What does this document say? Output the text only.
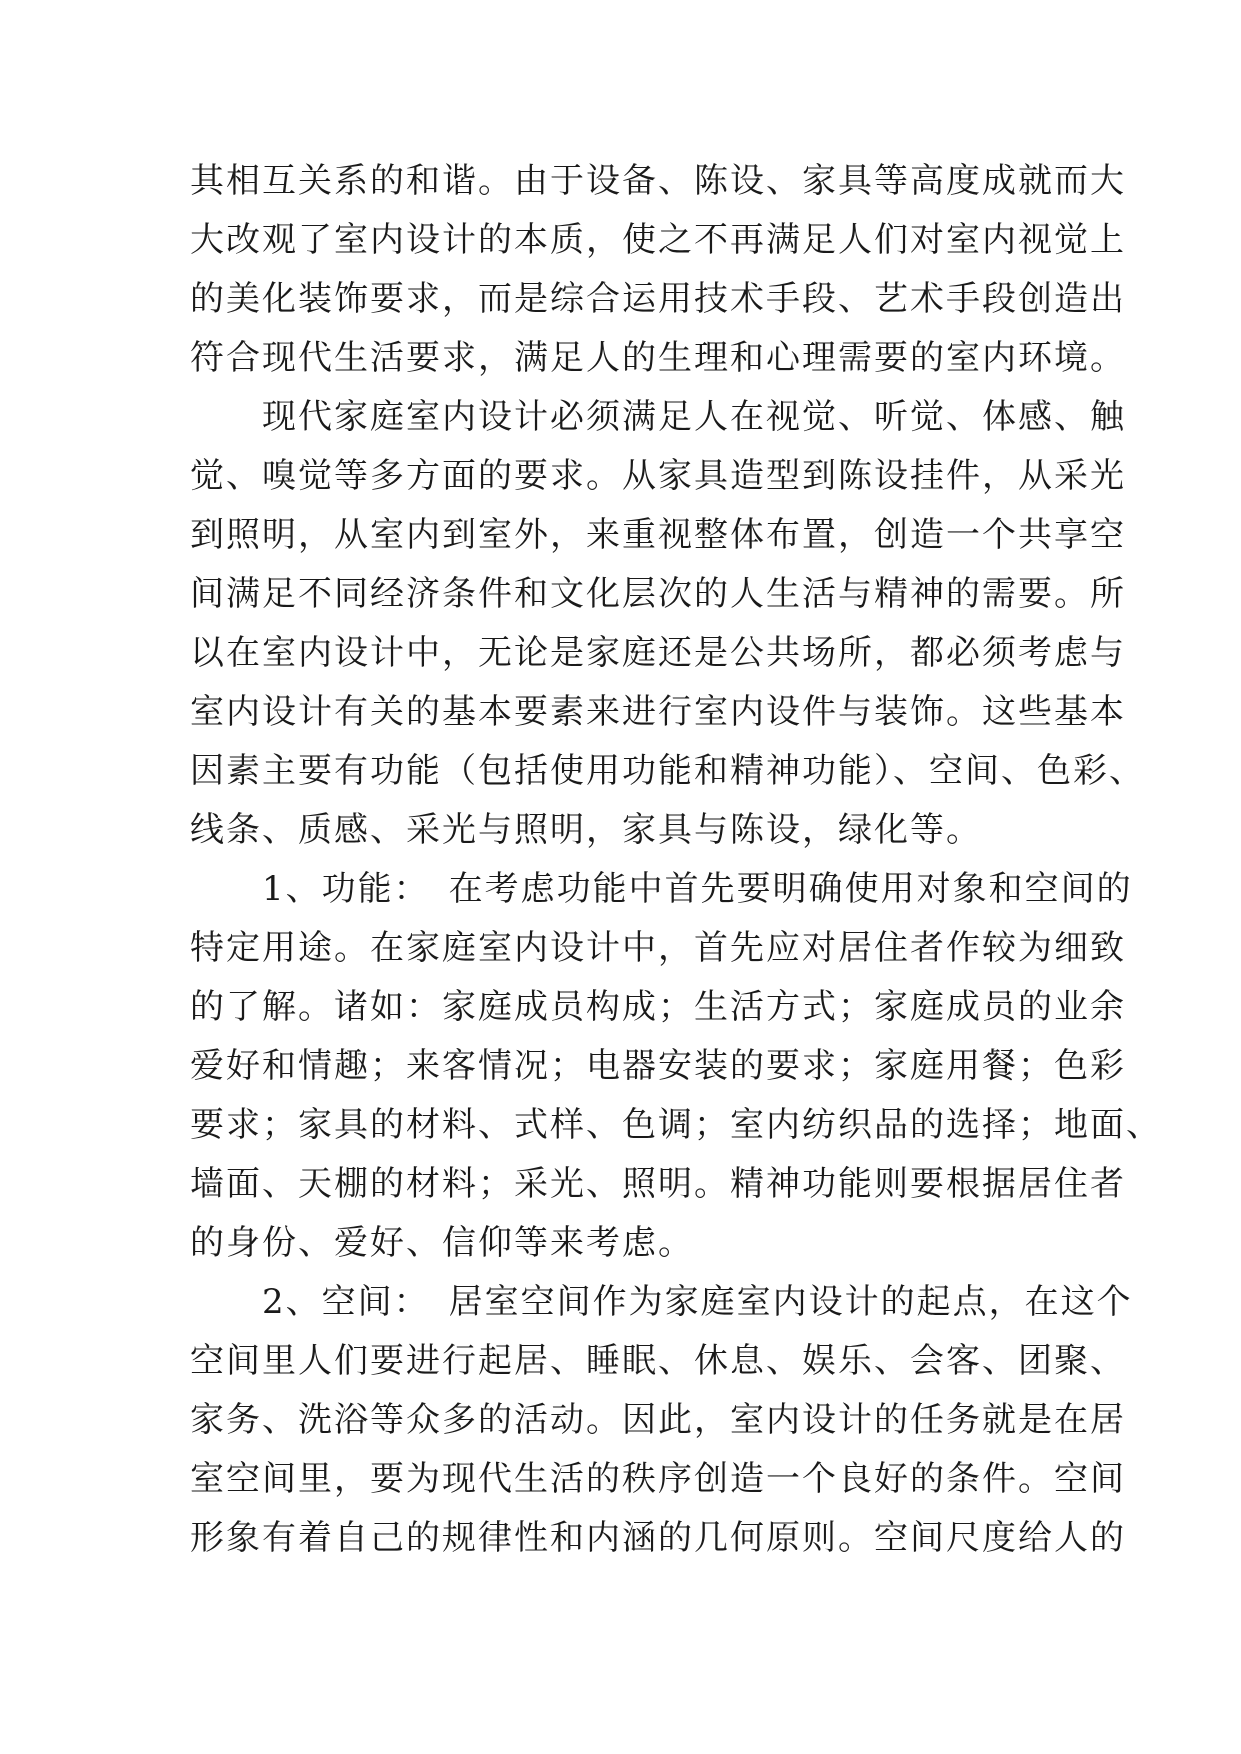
其相互关系的和谐。由于设备、陈设、家具等高度成就而大
大改观了室内设计的本质，使之不再满足人们对室内视觉上
的美化装饰要求，而是综合运用技术手段、艺术手段创造出
符合现代生活要求，满足人的生理和心理需要的室内环境。
　　现代家庭室内设计必须满足人在视觉、听觉、体感、触
觉、嗅觉等多方面的要求。从家具造型到陈设挂件，从采光
到照明，从室内到室外，来重视整体布置，创造一个共享空
间满足不同经济条件和文化层次的人生活与精神的需要。所
以在室内设计中，无论是家庭还是公共场所，都必须考虑与
室内设计有关的基本要素来进行室内设件与装饰。这些基本
因素主要有功能（包括使用功能和精神功能）、空间、色彩、
线条、质感、采光与照明，家具与陈设，绿化等。
　　1、功能：　在考虑功能中首先要明确使用对象和空间的
特定用途。在家庭室内设计中，首先应对居住者作较为细致
的了解。诸如：家庭成员构成；生活方式；家庭成员的业余
爱好和情趣；来客情况；电器安装的要求；家庭用餐；色彩
要求；家具的材料、式样、色调；室内纺织品的选择；地面、
墙面、天棚的材料；采光、照明。精神功能则要根据居住者
的身份、爱好、信仰等来考虑。
　　2、空间：　居室空间作为家庭室内设计的起点，在这个
空间里人们要进行起居、睡眠、休息、娱乐、会客、团聚、
家务、洗浴等众多的活动。因此，室内设计的任务就是在居
室空间里，要为现代生活的秩序创造一个良好的条件。空间
形象有着自己的规律性和内涵的几何原则。空间尺度给人的
